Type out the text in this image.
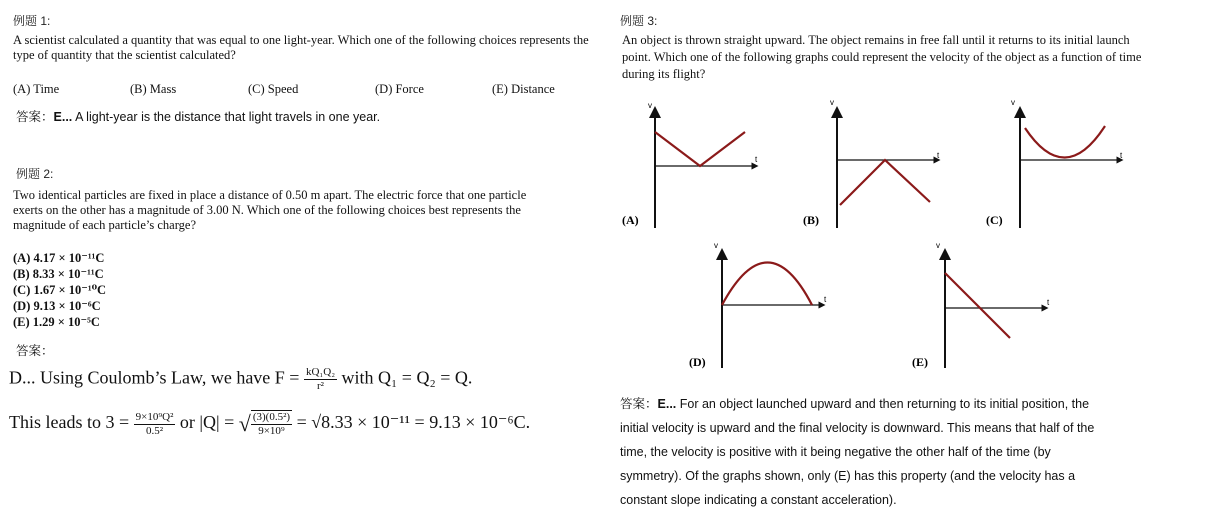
例题 1:
A scientist calculated a quantity that was equal to one light-year. Which one of the following choices represents the type of quantity that the scientist calculated?
(A) Time	(B) Mass	(C) Speed	(D) Force	(E) Distance
答案：E... A light-year is the distance that light travels in one year.
例题 2:
Two identical particles are fixed in place a distance of 0.50 m apart. The electric force that one particle
exerts on the other has a magnitude of 3.00 N. Which one of the following choices best represents the
magnitude of each particle’s charge?
(A) 4.17 × 10⁻¹¹C
(B) 8.33 × 10⁻¹¹C
(C) 1.67 × 10⁻¹⁰C
(D) 9.13 × 10⁻⁶C
(E) 1.29 × 10⁻⁵C
答案：
D... Using Coulomb’s Law, we have $F = \frac{\text{kQ₁Q₂}}{\text{r²}}$ with Q₁ = Q₂ = Q.
This leads to $3 = \frac{\text{9×10⁹Q²}}{\text{0.5²}}$ or |Q| = √ $\frac{\text{(3)(0.5²)}}{\text{9×10⁹}} = √8.33 \times 10^{-11} = 9.13 \times 10^{-6}C$.
例题 3:
An object is thrown straight upward. The object remains in free fall until it returns to its initial launch
point. Which one of the following graphs could represent the velocity of the object as a function of time
during its flight?
v
t
(A)
v
t
(B)
v
t
(C)
v
t
(D)
v
t
(E)
答案：E... For an object launched upward and then returning to its initial position, the
initial velocity is upward and the final velocity is downward. This means that half of the
time, the velocity is positive with it being negative the other half of the time (by
symmetry). Of the graphs shown, only (E) has this property (and the velocity has a
constant slope indicating a constant acceleration).
